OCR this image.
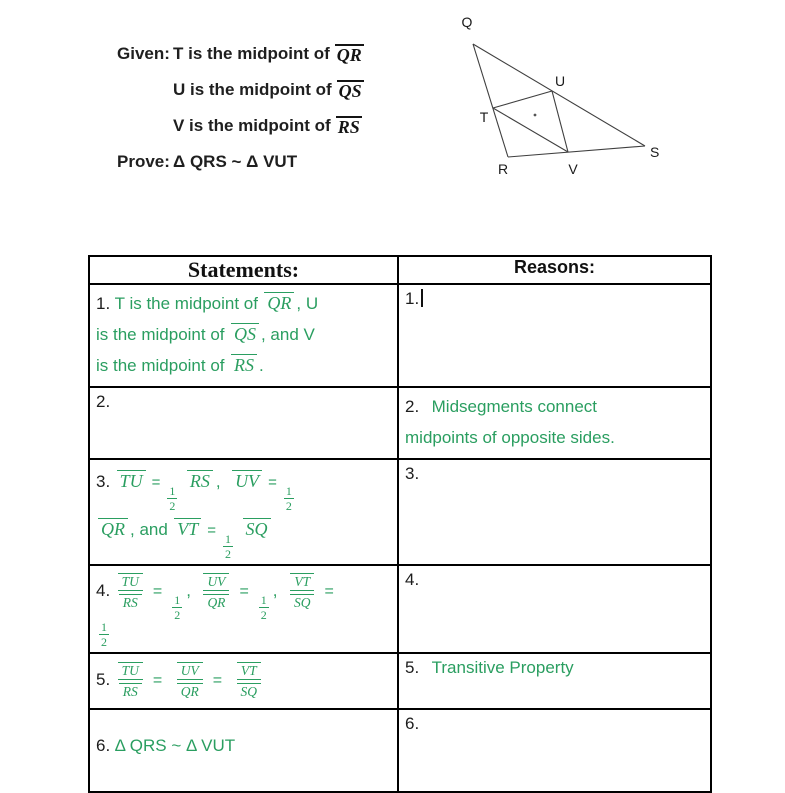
Given: T is the midpoint of QR
U is the midpoint of QS
V is the midpoint of RS
Prove: Δ QRS ~ Δ VUT
Q
U
T
R	V
S
Statements:	Reasons:

1. T is the midpoint of QR , U
is the midpoint of QS , and V
is the midpoint of RS .	1.
2.	2. Midsegments connect
midpoints of opposite sides.

3. TU =
$\frac{1}{2}$
RS , UV =
$\frac{1}{2}$
QR , and VT =
$\frac{1}{2}$
SQ
	3.

4. $\frac{TU}{RS}$ =
$\frac{1}{2}$
, $\frac{UV}{QR}$ =
$\frac{1}{2}$
, $\frac{VT}{SQ}$ =
$\frac{1}{2}$
	4.

5. $\frac{TU}{RS} = \frac{UV}{QR} = \frac{VT}{SQ}$	5. Transitive Property
6. Δ QRS ~ Δ VUT	6.
